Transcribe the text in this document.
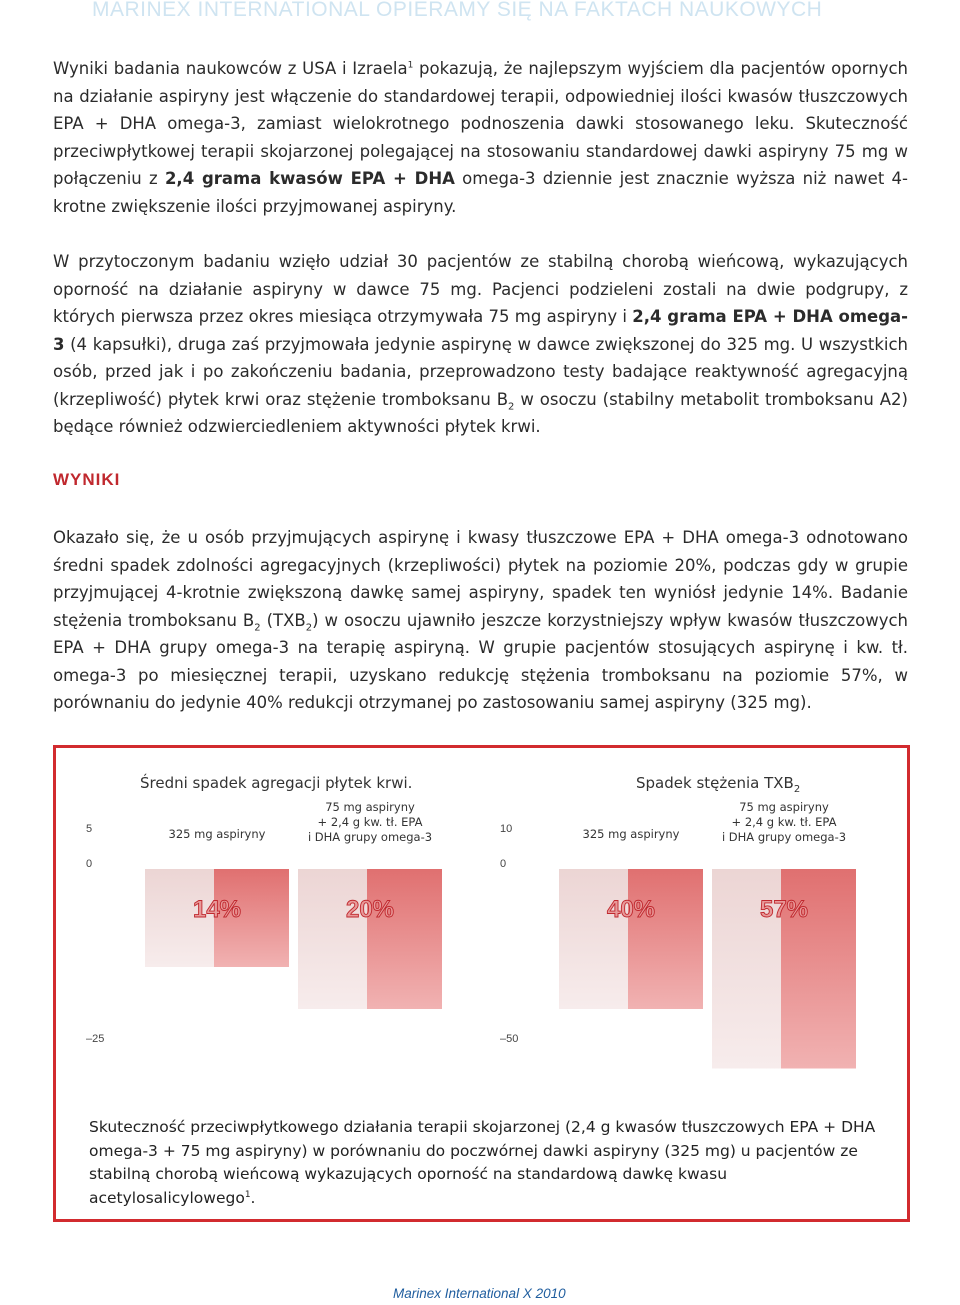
MARINEX INTERNATIONAL OPIERAMY SIĘ NA FAKTACH NAUKOWYCH

Wyniki badania naukowców z USA i Izraela$^1$ pokazują, że najlepszym wyjściem dla pacjentów opornych na działanie aspiryny jest włączenie do standardowej terapii, odpowiedniej ilości kwasów tłuszczowych EPA + DHA omega-3, zamiast wielokrotnego podnoszenia dawki stosowanego leku. Skuteczność przeciwpłytkowej terapii skojarzonej polegającej na stosowaniu standardowej dawki aspiryny 75 mg w połączeniu z 2,4 grama kwasów EPA + DHA omega-3 dziennie jest znacznie wyższa niż nawet 4-krotne zwiększenie ilości przyjmowanej aspiryny.

W przytoczonym badaniu wzięło udział 30 pacjentów ze stabilną chorobą wieńcową, wykazujących oporność na działanie aspiryny w dawce 75 mg. Pacjenci podzieleni zostali na dwie podgrupy, z których pierwsza przez okres miesiąca otrzymywała 75 mg aspiryny i 2,4 grama EPA + DHA omega-3 (4 kapsułki), druga zaś przyjmowała jedynie aspirynę w dawce zwiększonej do 325 mg. U wszystkich osób, przed jak i po zakończeniu badania, przeprowadzono testy badające reaktywność agregacyjną (krzepliwość) płytek krwi oraz stężenie tromboksanu $B_2$ w osoczu (stabilny metabolit tromboksanu A2) będące również odzwierciedleniem aktywności płytek krwi.

WYNIKI

Okazało się, że u osób przyjmujących aspirynę i kwasy tłuszczowe EPA + DHA omega-3 odnotowano średni spadek zdolności agregacyjnych (krzepliwości) płytek na poziomie 20%, podczas gdy w grupie przyjmującej 4-krotnie zwiększoną dawkę samej aspiryny, spadek ten wyniósł jedynie 14%. Badanie stężenia tromboksanu $B_2$ $(TXB_2)$ w osoczu ujawniło jeszcze korzystniejszy wpływ kwasów tłuszczowych EPA + DHA grupy omega-3 na terapię aspiryną. W grupie pacjentów stosujących aspirynę i kw. tł. omega-3 po miesięcznej terapii, uzyskano redukcję stężenia tromboksanu na poziomie 57%, w porównaniu do jedynie 40% redukcji otrzymanej po zastosowaniu samej aspiryny (325 mg).

Średni spadek agregacji płytek krwi.
5
0
–25
14%
325 mg aspiryny
20%
75 mg aspiryny
+ 2,4 g kw. tł. EPA
i DHA grupy omega-3
Spadek stężenia $TXB_2$
10
0
–50
40%
325 mg aspiryny
57%
75 mg aspiryny
+ 2,4 g kw. tł. EPA
i DHA grupy omega-3
Skuteczność przeciwpłytkowego działania terapii skojarzonej (2,4 g kwasów tłuszczowych EPA + DHA omega-3 + 75 mg aspiryny) w porównaniu do poczwórnej dawki aspiryny (325 mg) u pacjentów ze stabilną chorobą wieńcową wykazujących oporność na standardową dawkę kwasu acetylosalicylowego$^1$.
Marinex International X 2010
